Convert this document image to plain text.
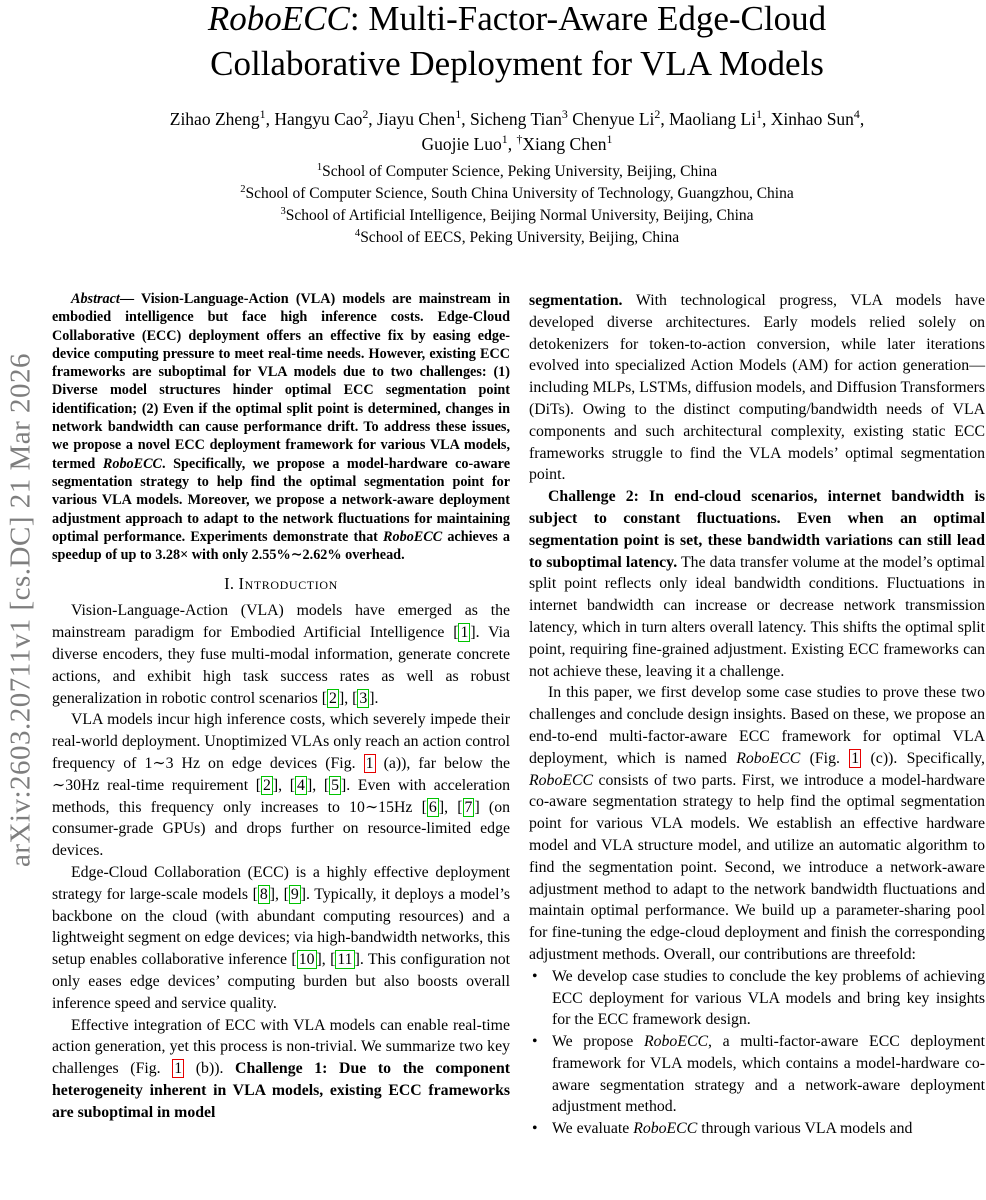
arXiv:2603.20711v1 [cs.DC] 21 Mar 2026
RoboECC: Multi-Factor-Aware Edge-Cloud
Collaborative Deployment for VLA Models
Zihao Zheng$^1$, Hangyu Cao$^2$, Jiayu Chen$^1$, Sicheng Tian$^3$ Chenyue Li$^2$, Maoliang Li$^1$, Xinhao Sun$^4$,
Guojie Luo$^1$, †Xiang Chen$^1$
$^1$School of Computer Science, Peking University, Beijing, China
$^2$School of Computer Science, South China University of Technology, Guangzhou, China
$^3$School of Artificial Intelligence, Beijing Normal University, Beijing, China
$^4$School of EECS, Peking University, Beijing, China

Abstract— Vision-Language-Action (VLA) models are mainstream in embodied intelligence but face high inference costs. Edge-Cloud Collaborative (ECC) deployment offers an effective fix by easing edge-device computing pressure to meet real-time needs. However, existing ECC frameworks are suboptimal for VLA models due to two challenges: (1) Diverse model structures hinder optimal ECC segmentation point identification; (2) Even if the optimal split point is determined, changes in network bandwidth can cause performance drift. To address these issues, we propose a novel ECC deployment framework for various VLA models, termed RoboECC. Specifically, we propose a model-hardware co-aware segmentation strategy to help find the optimal segmentation point for various VLA models. Moreover, we propose a network-aware deployment adjustment approach to adapt to the network fluctuations for maintaining optimal performance. Experiments demonstrate that RoboECC achieves a speedup of up to 3.28× with only 2.55%∼2.62% overhead.

I. Introduction

Vision-Language-Action (VLA) models have emerged as the mainstream paradigm for Embodied Artificial Intelligence [ 1 ]. Via diverse encoders, they fuse multi-modal information, generate concrete actions, and exhibit high task success rates as well as robust generalization in robotic control scenarios [ 2 ], [ 3 ].

VLA models incur high inference costs, which severely impede their real-world deployment. Unoptimized VLAs only reach an action control frequency of 1∼3 Hz on edge devices (Fig. 1 (a)), far below the ∼30Hz real-time requirement [ 2 ], [ 4 ], [ 5 ]. Even with acceleration methods, this frequency only increases to 10∼15Hz [ 6 ], [ 7 ] (on consumer-grade GPUs) and drops further on resource-limited edge devices.

Edge-Cloud Collaboration (ECC) is a highly effective deployment strategy for large-scale models [ 8 ], [ 9 ]. Typically, it deploys a model’s backbone on the cloud (with abundant computing resources) and a lightweight segment on edge devices; via high-bandwidth networks, this setup enables collaborative inference [ 10 ], [ 11 ]. This configuration not only eases edge devices’ computing burden but also boosts overall inference speed and service quality.

Effective integration of ECC with VLA models can enable real-time action generation, yet this process is non-trivial. We summarize two key challenges (Fig. 1 (b)). Challenge 1: Due to the component heterogeneity inherent in VLA models, existing ECC frameworks are suboptimal in model

segmentation. With technological progress, VLA models have developed diverse architectures. Early models relied solely on detokenizers for token-to-action conversion, while later iterations evolved into specialized Action Models (AM) for action generation—including MLPs, LSTMs, diffusion models, and Diffusion Transformers (DiTs). Owing to the distinct computing/bandwidth needs of VLA components and such architectural complexity, existing static ECC frameworks struggle to find the VLA models’ optimal segmentation point.

Challenge 2: In end-cloud scenarios, internet bandwidth is subject to constant fluctuations. Even when an optimal segmentation point is set, these bandwidth variations can still lead to suboptimal latency. The data transfer volume at the model’s optimal split point reflects only ideal bandwidth conditions. Fluctuations in internet bandwidth can increase or decrease network transmission latency, which in turn alters overall latency. This shifts the optimal split point, requiring fine-grained adjustment. Existing ECC frameworks can not achieve these, leaving it a challenge.

In this paper, we first develop some case studies to prove these two challenges and conclude design insights. Based on these, we propose an end-to-end multi-factor-aware ECC framework for optimal VLA deployment, which is named RoboECC (Fig. 1 (c)). Specifically, RoboECC consists of two parts. First, we introduce a model-hardware co-aware segmentation strategy to help find the optimal segmentation point for various VLA models. We establish an effective hardware model and VLA structure model, and utilize an automatic algorithm to find the segmentation point. Second, we introduce a network-aware adjustment method to adapt to the network bandwidth fluctuations and maintain optimal performance. We build up a parameter-sharing pool for fine-tuning the edge-cloud deployment and finish the corresponding adjustment methods. Overall, our contributions are threefold:

• We develop case studies to conclude the key problems of achieving ECC deployment for various VLA models and bring key insights for the ECC framework design.

• We propose RoboECC, a multi-factor-aware ECC deployment framework for VLA models, which contains a model-hardware co-aware segmentation strategy and a network-aware deployment adjustment method.

• We evaluate RoboECC through various VLA models and
